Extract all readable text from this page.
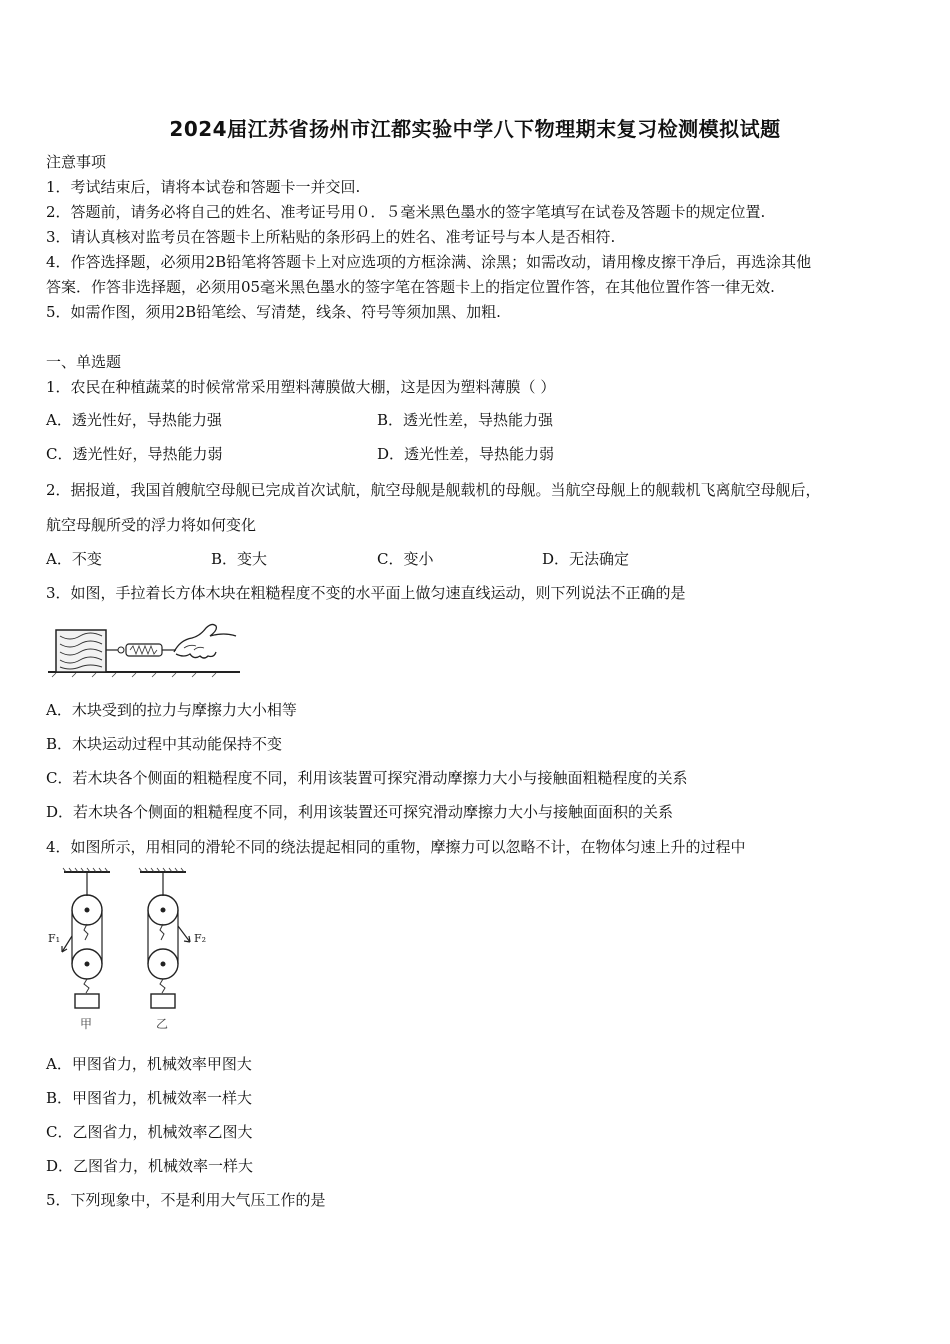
2024届江苏省扬州市江都实验中学八下物理期末复习检测模拟试题
注意事项
1．考试结束后，请将本试卷和答题卡一并交回.
2．答题前，请务必将自己的姓名、准考证号用０．５毫米黑色墨水的签字笔填写在试卷及答题卡的规定位置.
3．请认真核对监考员在答题卡上所粘贴的条形码上的姓名、准考证号与本人是否相符.
4．作答选择题，必须用2B铅笔将答题卡上对应选项的方框涂满、涂黑；如需改动，请用橡皮擦干净后，再选涂其他
答案．作答非选择题，必须用05毫米黑色墨水的签字笔在答题卡上的指定位置作答，在其他位置作答一律无效.
5．如需作图，须用2B铅笔绘、写清楚，线条、符号等须加黑、加粗.
一、单选题
1．农民在种植蔬菜的时候常常采用塑料薄膜做大棚，这是因为塑料薄膜（ ）
A．透光性好，导热能力强	B．透光性差，导热能力强
C．透光性好，导热能力弱	D．透光性差，导热能力弱
2．据报道，我国首艘航空母舰已完成首次试航，航空母舰是舰载机的母舰。当航空母舰上的舰载机飞离航空母舰后，
航空母舰所受的浮力将如何变化
A．不变	B．变大	C．变小	D．无法确定
3．如图，手拉着长方体木块在粗糙程度不变的水平面上做匀速直线运动，则下列说法不正确的是
A．木块受到的拉力与摩擦力大小相等
B．木块运动过程中其动能保持不变
C．若木块各个侧面的粗糙程度不同，利用该装置可探究滑动摩擦力大小与接触面粗糙程度的关系
D．若木块各个侧面的粗糙程度不同，利用该装置还可探究滑动摩擦力大小与接触面面积的关系
4．如图所示，用相同的滑轮不同的绕法提起相同的重物，摩擦力可以忽略不计，在物体匀速上升的过程中
F₁
甲
F₂
乙
A．甲图省力，机械效率甲图大
B．甲图省力，机械效率一样大
C．乙图省力，机械效率乙图大
D．乙图省力，机械效率一样大
5．下列现象中，不是利用大气压工作的是
